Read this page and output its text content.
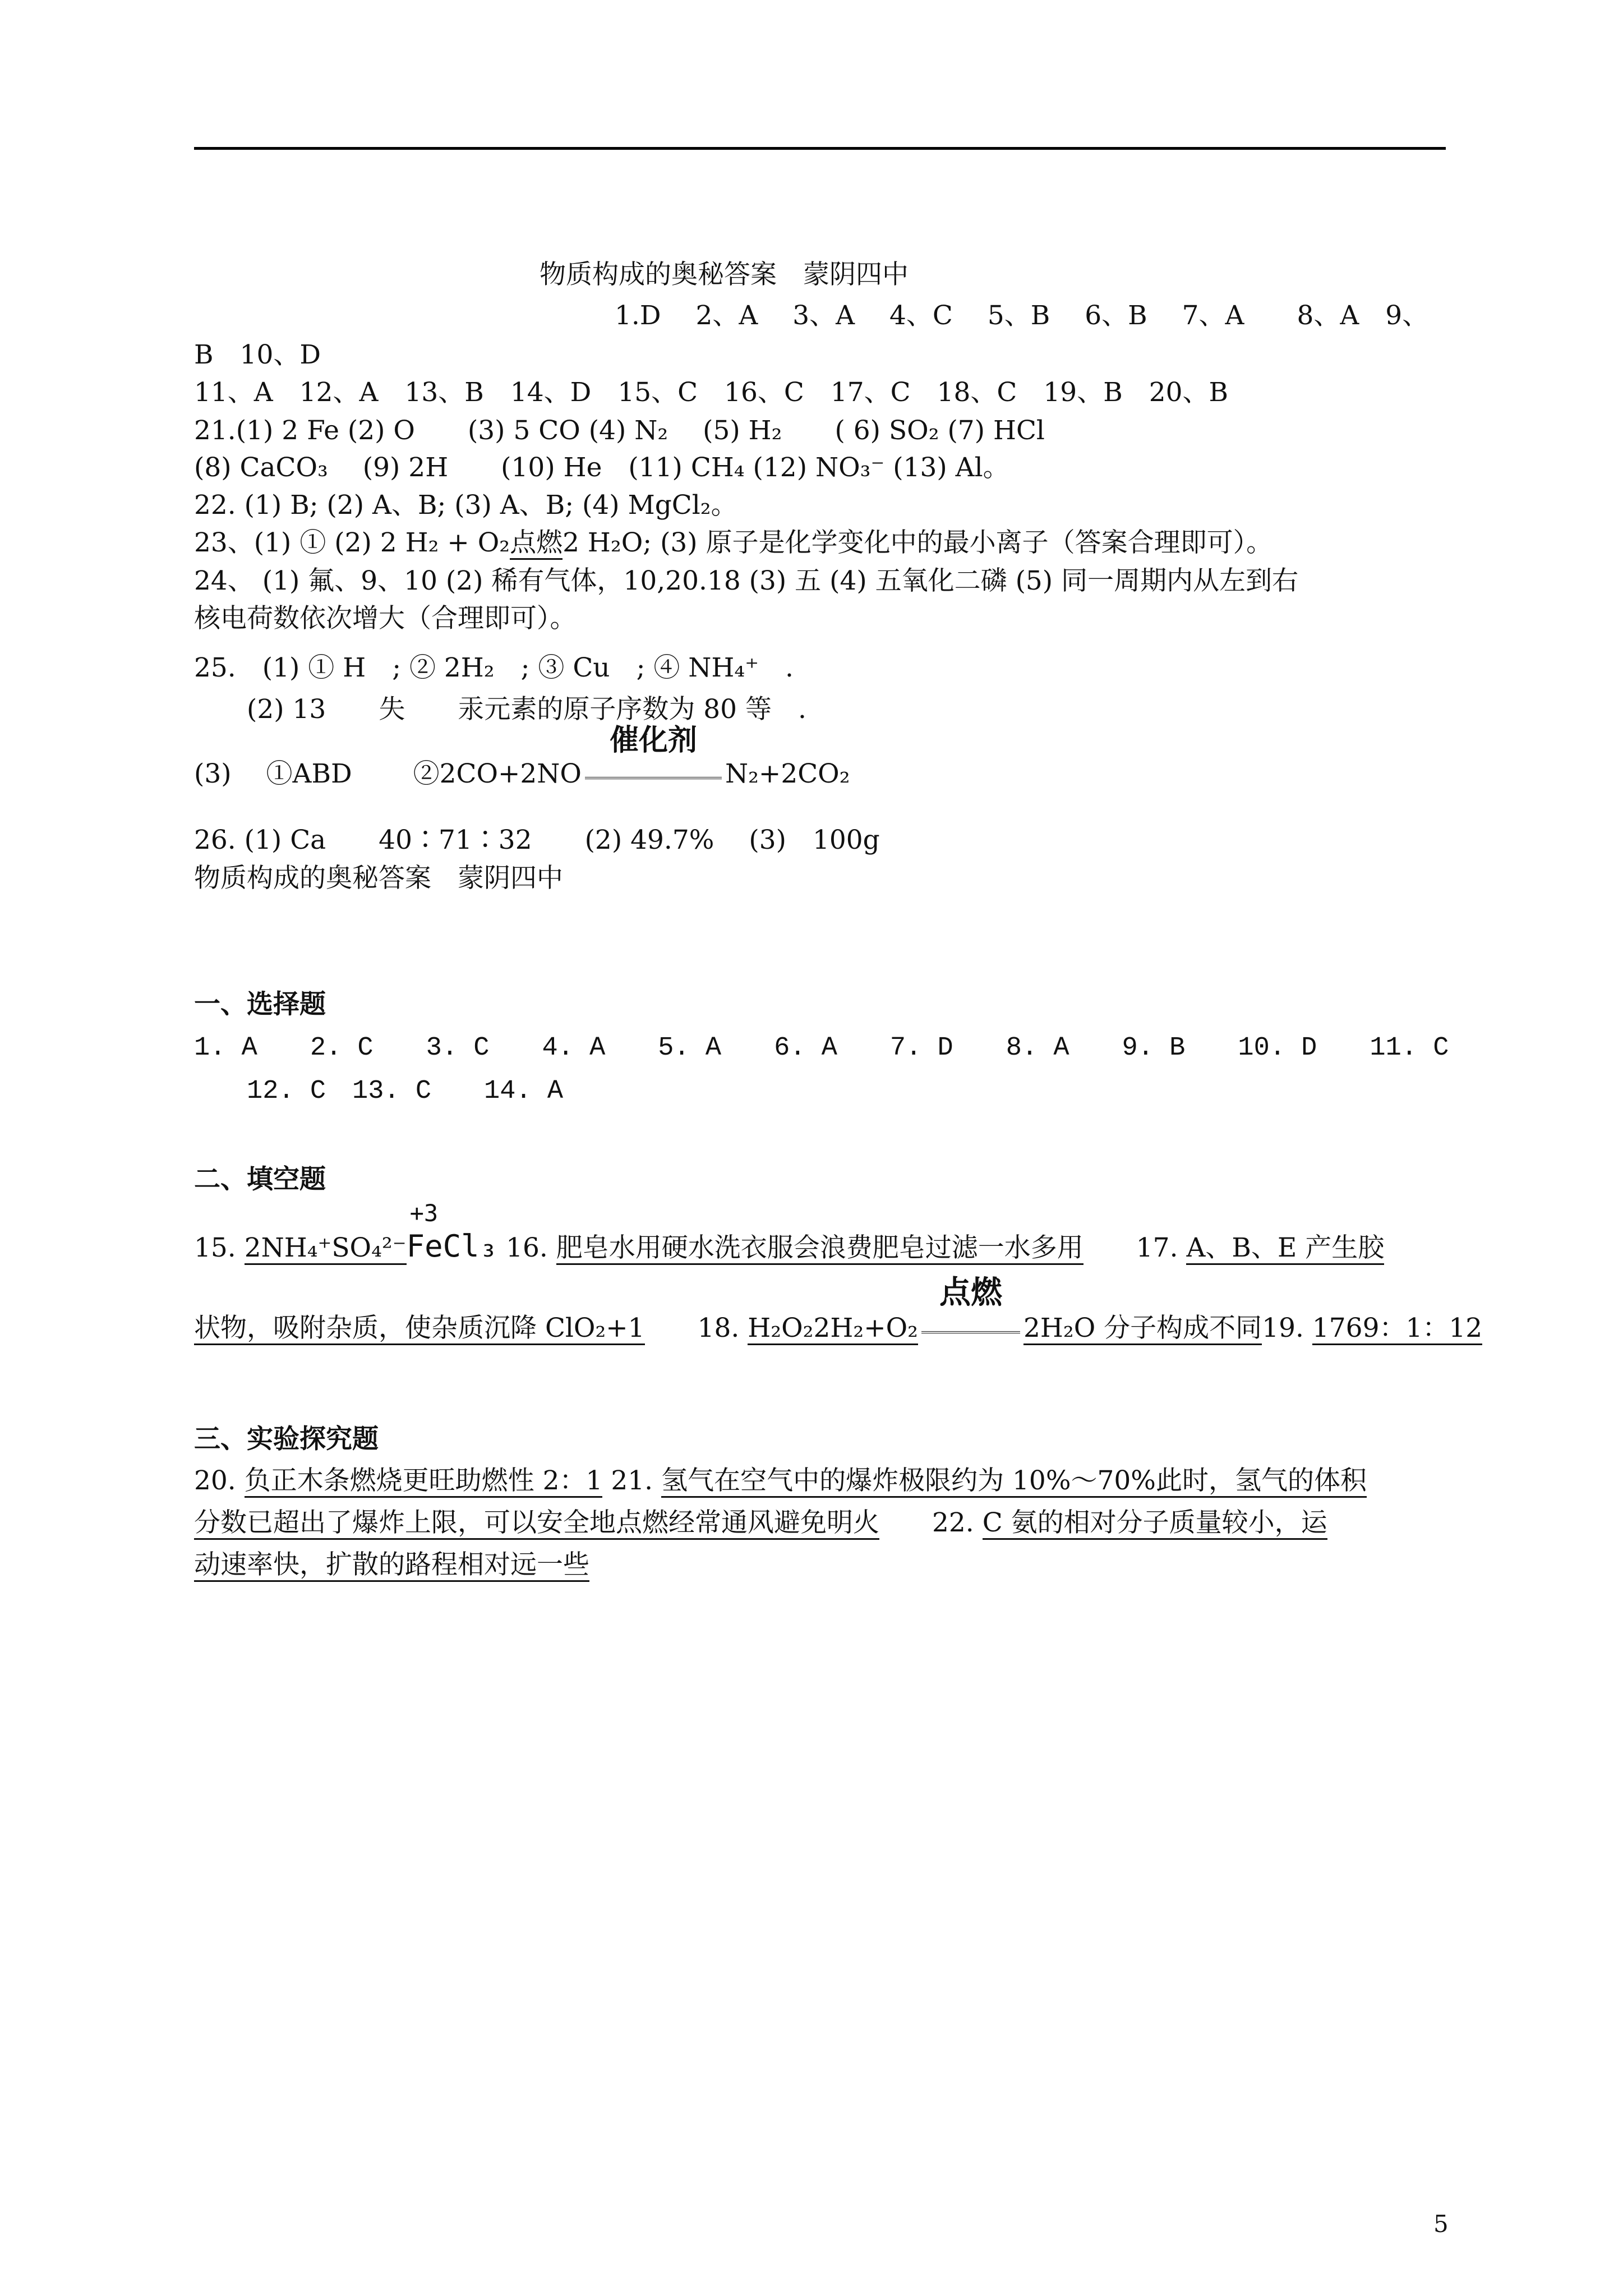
物质构成的奥秘答案　蒙阴四中
1.D　 2、A　 3、A　 4、C　 5、B　 6、B　 7、A　　8、A　9、
B　10、D
11、A　12、A　13、B　14、D　15、C　16、C　17、C　18、C　19、B　20、B
21.(1) 2 Fe (2) O　　(3) 5 CO (4) N₂　 (5) H₂　　( 6) SO₂ (7) HCl
(8) CaCO₃　 (9) 2H　　(10) He　(11) CH₄ (12) NO₃⁻ (13) Al。
22. (1) B; (2) A、B; (3) A、B; (4) MgCl₂。
23、(1) ① (2) 2 H₂ + O₂点燃2 H₂O; (3) 原子是化学变化中的最小离子（答案合理即可）。
24、 (1) 氟、9、10 (2) 稀有气体，10,20.18 (3) 五 (4) 五氧化二磷 (5) 同一周期内从左到右
核电荷数依次增大（合理即可）。
25.　(1) ① H　; ② 2H₂　; ③ Cu　; ④ NH₄⁺　.
　　(2) 13　　失　　汞元素的原子序数为 80 等　.
(3)　 ①ABD　　 ②2CO+2NO
催化剂
N₂+2CO₂
26. (1) Ca　　40∶71∶32　　(2) 49.7%　 (3)　100g
物质构成的奥秘答案　蒙阴四中
一、选择题
1. A　　2. C　　3. C　　4. A　　5. A　　6. A　　7. D　　8. A　　9. B　　10. D　　11. C
　　12. C　13. C　　14. A
二、填空题
15. 2NH₄⁺SO₄²⁻
+3
FeCl₃ 16. 肥皂水用硬水洗衣服会浪费肥皂过滤一水多用　　17. A、B、E 产生胶
状物，吸附杂质，使杂质沉降 ClO₂+1　　18. H₂O₂2H₂+O₂
点燃
2H₂O 分子构成不同19. 1769：1：12
三、实验探究题
20. 负正木条燃烧更旺助燃性 2：1 21. 氢气在空气中的爆炸极限约为 10%～70%此时，氢气的体积
分数已超出了爆炸上限，可以安全地点燃经常通风避免明火　　22. C 氨的相对分子质量较小，运
动速率快，扩散的路程相对远一些
5
